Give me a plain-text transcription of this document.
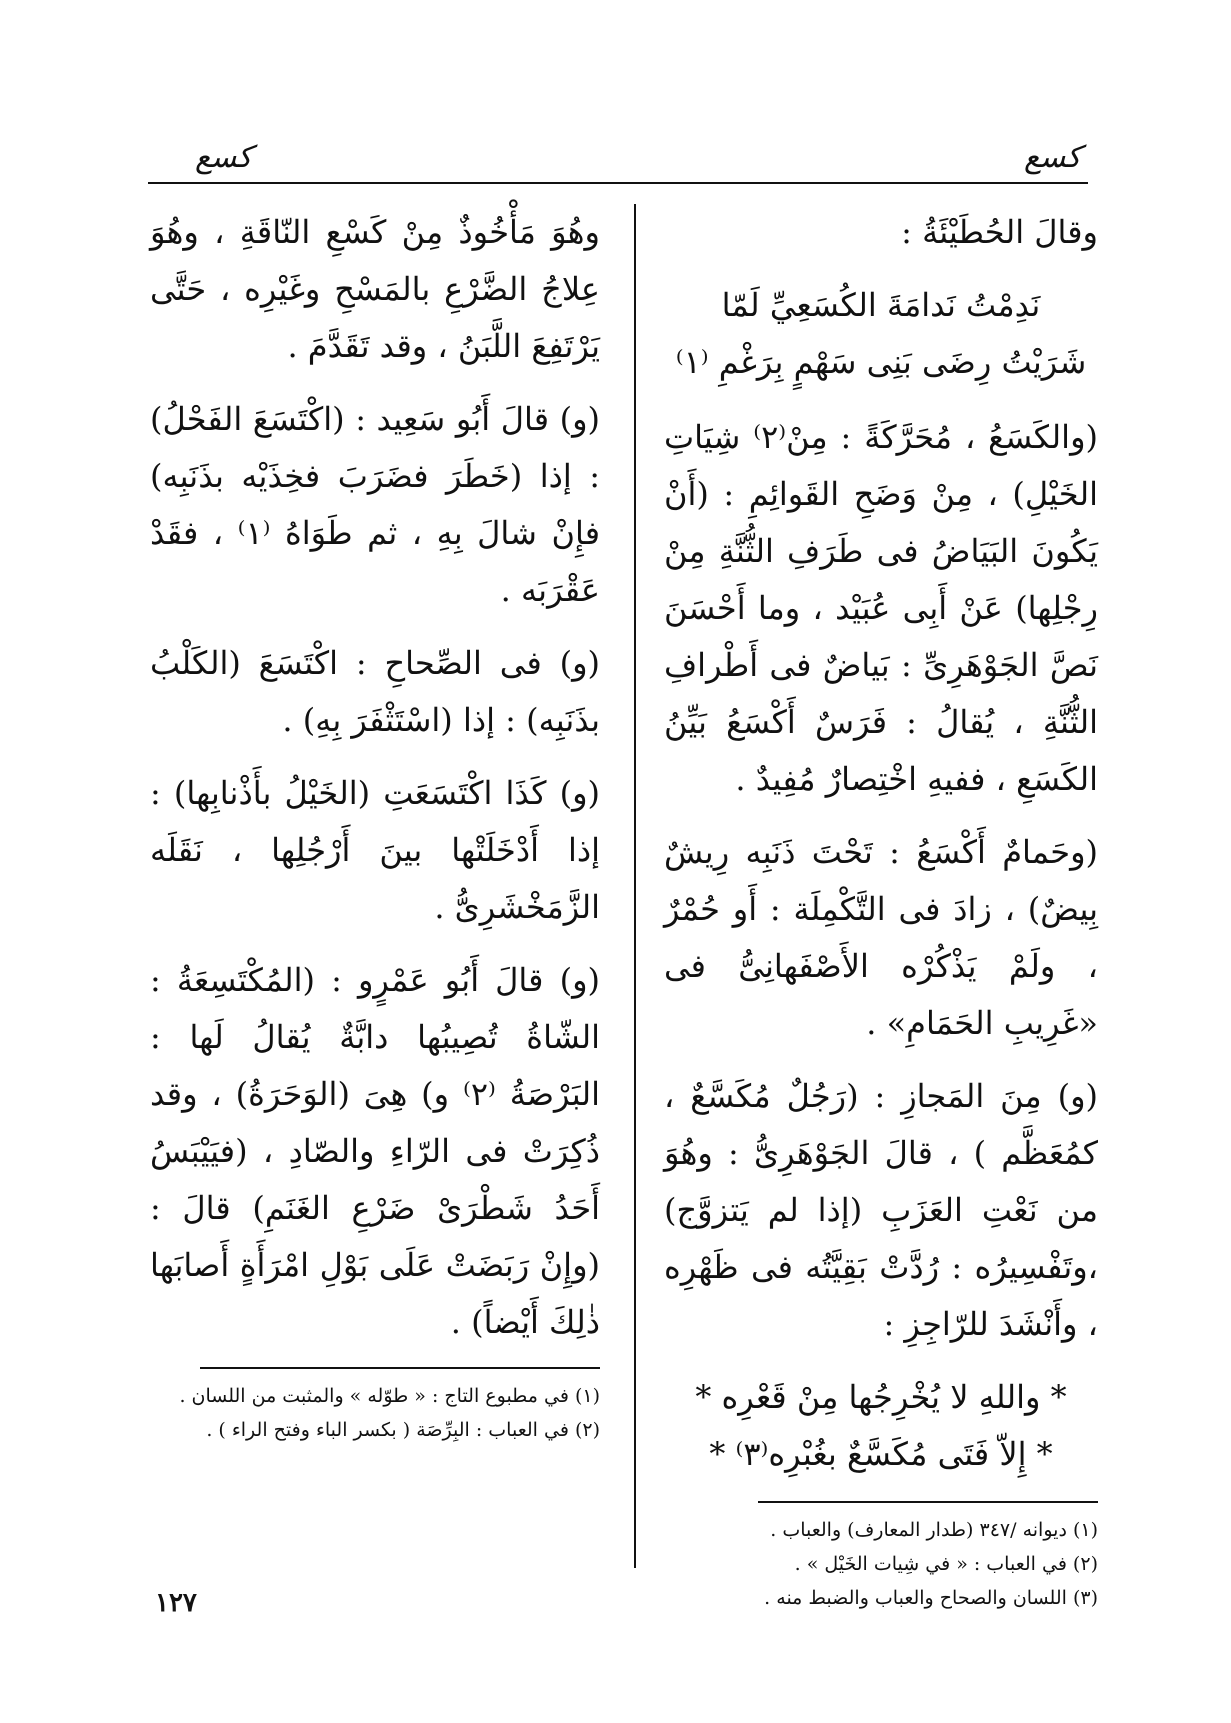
كسع
كسع

وقالَ الحُطَيْئَةُ :

نَدِمْتُ نَدامَةَ الكُسَعِيِّ لَمّا
شَرَيْتُ رِضَى بَنِى سَهْمٍ بِرَغْمِ ⁽١⁾

(والكَسَعُ ، مُحَرَّكَةً : مِنْ⁽٢⁾ شِيَاتِ الخَيْلِ) ، مِنْ وَضَحِ القَوائِمِ : (أَنْ يَكُونَ البَيَاضُ فى طَرَفِ الثُّنَّةِ مِنْ رِجْلِها) عَنْ أَبِى عُبَيْد ، وما أَحْسَنَ نَصَّ الجَوْهَرِىِّ : بَياضٌ فى أَطْرافِ الثُّنَّةِ ، يُقالُ : فَرَسٌ أَكْسَعُ بَيِّنُ الكَسَعِ ، ففيهِ اخْتِصارٌ مُفِيدٌ .

(وحَمامٌ أَكْسَعُ : تَحْتَ ذَنَبِه رِيشٌ بِيضٌ) ، زادَ فى التَّكْمِلَة : أَو حُمْرٌ ، ولَمْ يَذْكُرْه الأَصْفَهانِىُّ فى «غَرِيبِ الحَمَامِ» .

(و) مِنَ المَجازِ : (رَجُلٌ مُكَسَّعٌ ، كمُعَظَّم ) ، قالَ الجَوْهَرِىُّ : وهُوَ من نَعْتِ العَزَبِ (إذا لم يَتزوَّج) ،وتَفْسِيرُه : رُدَّتْ بَقِيَّتُه فى ظَهْرِه ، وأَنْشَدَ للرّاجِزِ :

* واللهِ لا يُخْرِجُها مِنْ قَعْرِه *
* إِلاّ فَتَى مُكَسَّعٌ بغُبْرِه⁽٣⁾ *
(١) ديوانه /٣٤٧ (طدار المعارف) والعباب .
(٢) في العباب : « في شِيات الخَيْل » .
(٣) اللسان والصحاح والعباب والضبط منه .

وهُوَ مَأْخُوذٌ مِنْ كَسْعِ النّاقَةِ ، وهُوَ عِلاجُ الضَّرْعِ بالمَسْحِ وغَيْرِه ، حَتَّى يَرْتَفِعَ اللَّبَنُ ، وقد تَقَدَّمَ .

(و) قالَ أَبُو سَعِيد : (اكْتَسَعَ الفَحْلُ) : إذا (خَطَرَ فضَرَبَ فخِذَيْه بذَنَبِه) فإِنْ شالَ بِهِ ، ثم طَوَاهُ ⁽١⁾ ، فقَدْ عَقْرَبَه .

(و) فى الصِّحاحِ : اكْتَسَعَ (الكَلْبُ بذَنَبِه) : إذا (اسْتَثْفَرَ بِهِ) .

(و) كَذَا اكْتَسَعَتِ (الخَيْلُ بأَذْنابِها) : إذا أَدْخَلَتْها بينَ أَرْجُلِها ، نَقَلَه الزَّمَخْشَرِىُّ .

(و) قالَ أَبُو عَمْرٍو : (المُكْتَسِعَةُ : الشّاةُ تُصِيبُها دابَّةٌ يُقالُ لَها : البَرْصَةُ ⁽٢⁾ و) هِىَ (الوَحَرَةُ) ، وقد ذُكِرَتْ فى الرّاءِ والصّادِ ، (فيَيْبَسُ أَحَدُ شَطْرَىْ ضَرْعِ الغَنَمِ) قالَ : (وإِنْ رَبَضَتْ عَلَى بَوْلِ امْرَأَةٍ أَصابَها ذٰلِكَ أَيْضاً) .

(١) في مطبوع التاج : « طوّله » والمثبت من اللسان .
(٢) في العباب : البِرِّصَة ( بكسر الباء وفتح الراء ) .
١٢٧
